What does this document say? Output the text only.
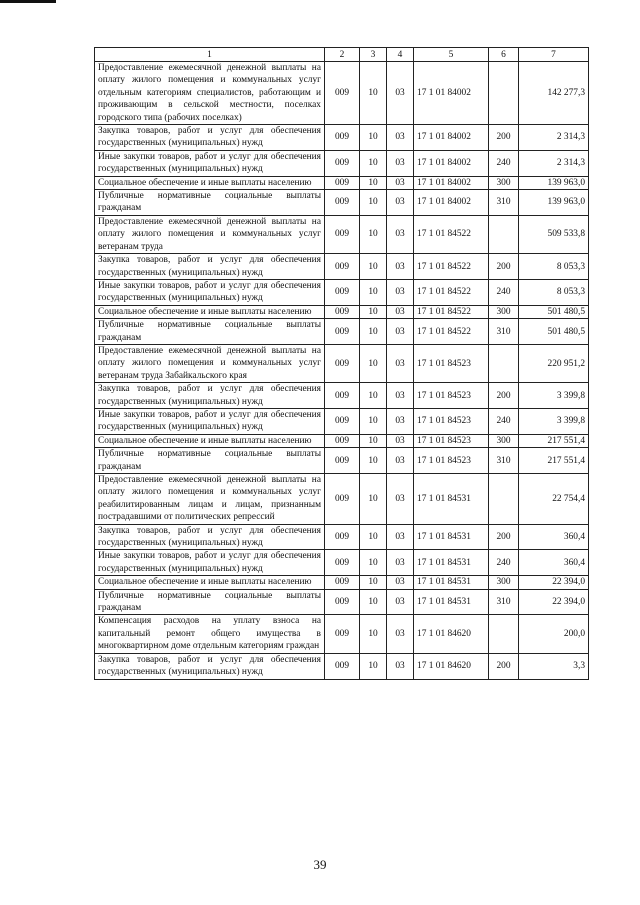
1	2	3	4	5	6	7
Предоставление ежемесячной денежной выплаты на оплату жилого помещения и коммунальных услуг отдельным категориям специалистов, работающим и проживающим в сельской местности, поселках городского типа (рабочих поселках)	009	10	03	17 1 01 84002		142 277,3
Закупка товаров, работ и услуг для обеспечения государственных (муниципальных) нужд	009	10	03	17 1 01 84002	200	2 314,3
Иные закупки товаров, работ и услуг для обеспечения государственных (муниципальных) нужд	009	10	03	17 1 01 84002	240	2 314,3
Социальное обеспечение и иные выплаты населению	009	10	03	17 1 01 84002	300	139 963,0
Публичные нормативные социальные выплаты гражданам	009	10	03	17 1 01 84002	310	139 963,0
Предоставление ежемесячной денежной выплаты на оплату жилого помещения и коммунальных услуг ветеранам труда	009	10	03	17 1 01 84522		509 533,8
Закупка товаров, работ и услуг для обеспечения государственных (муниципальных) нужд	009	10	03	17 1 01 84522	200	8 053,3
Иные закупки товаров, работ и услуг для обеспечения государственных (муниципальных) нужд	009	10	03	17 1 01 84522	240	8 053,3
Социальное обеспечение и иные выплаты населению	009	10	03	17 1 01 84522	300	501 480,5
Публичные нормативные социальные выплаты гражданам	009	10	03	17 1 01 84522	310	501 480,5
Предоставление ежемесячной денежной выплаты на оплату жилого помещения и коммунальных услуг ветеранам труда Забайкальского края	009	10	03	17 1 01 84523		220 951,2
Закупка товаров, работ и услуг для обеспечения государственных (муниципальных) нужд	009	10	03	17 1 01 84523	200	3 399,8
Иные закупки товаров, работ и услуг для обеспечения государственных (муниципальных) нужд	009	10	03	17 1 01 84523	240	3 399,8
Социальное обеспечение и иные выплаты населению	009	10	03	17 1 01 84523	300	217 551,4
Публичные нормативные социальные выплаты гражданам	009	10	03	17 1 01 84523	310	217 551,4
Предоставление ежемесячной денежной выплаты на оплату жилого помещения и коммунальных услуг реабилитированным лицам и лицам, признанным пострадавшими от политических репрессий	009	10	03	17 1 01 84531		22 754,4
Закупка товаров, работ и услуг для обеспечения государственных (муниципальных) нужд	009	10	03	17 1 01 84531	200	360,4
Иные закупки товаров, работ и услуг для обеспечения государственных (муниципальных) нужд	009	10	03	17 1 01 84531	240	360,4
Социальное обеспечение и иные выплаты населению	009	10	03	17 1 01 84531	300	22 394,0
Публичные нормативные социальные выплаты гражданам	009	10	03	17 1 01 84531	310	22 394,0
Компенсация расходов на уплату взноса на капитальный ремонт общего имущества в многоквартирном доме отдельным категориям граждан	009	10	03	17 1 01 84620		200,0
Закупка товаров, работ и услуг для обеспечения государственных (муниципальных) нужд	009	10	03	17 1 01 84620	200	3,3
39
